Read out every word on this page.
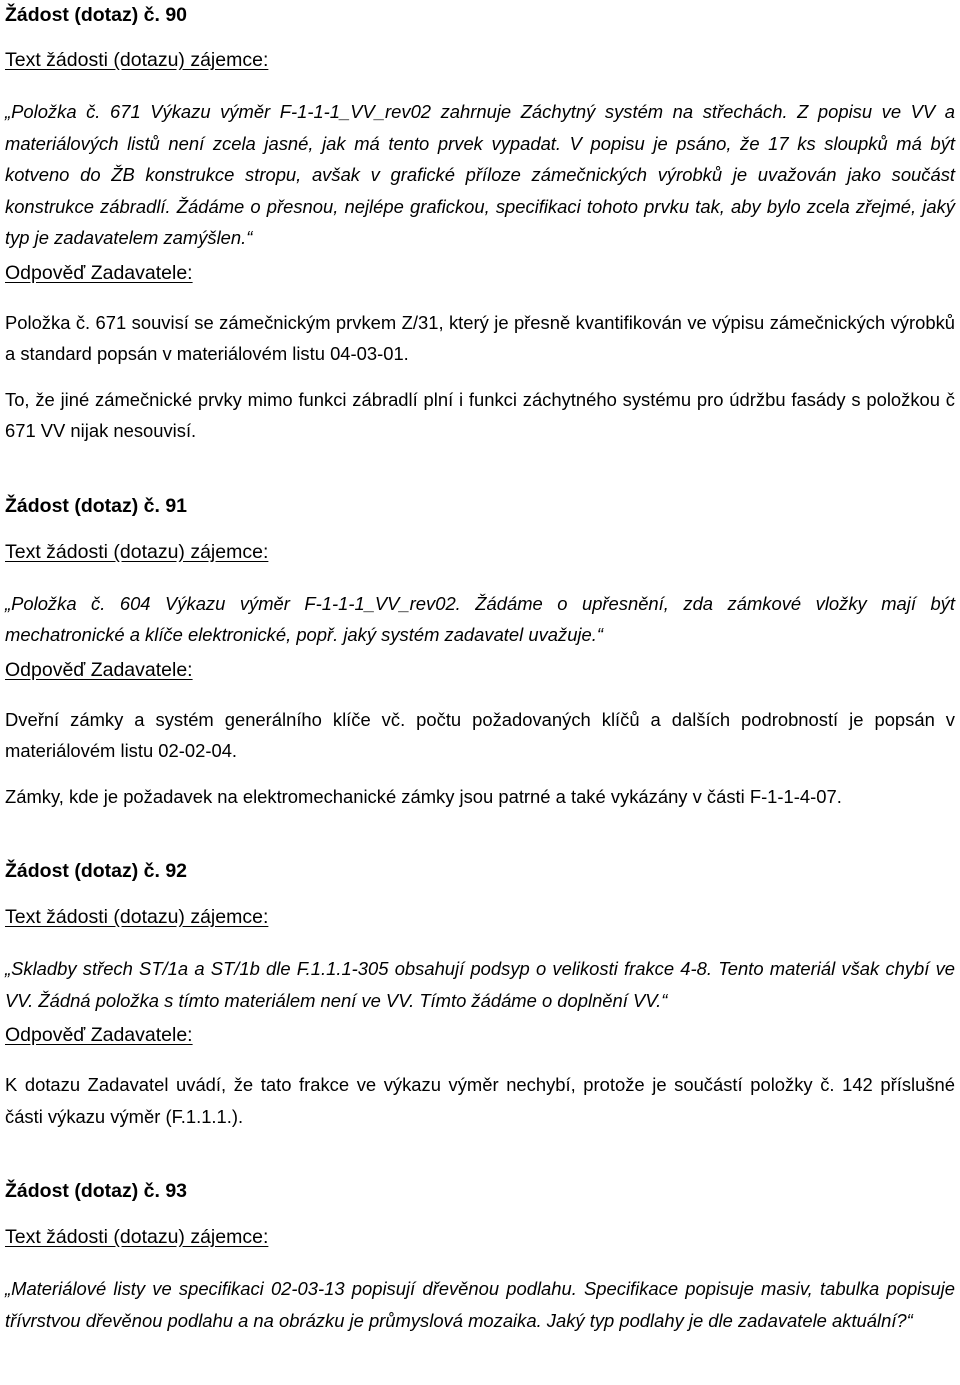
Žádost (dotaz) č. 90
Text žádosti (dotazu) zájemce:

„Položka č. 671 Výkazu výměr F-1-1-1_VV_rev02 zahrnuje Záchytný systém na střechách. Z popisu ve VV a materiálových listů není zcela jasné, jak má tento prvek vypadat. V popisu je psáno, že 17 ks sloupků má být kotveno do ŽB konstrukce stropu, avšak v grafické příloze zámečnických výrobků je uvažován jako součást konstrukce zábradlí. Žádáme o přesnou, nejlépe grafickou, specifikaci tohoto prvku tak, aby bylo zcela zřejmé, jaký typ je zadavatelem zamýšlen.“

Odpověď Zadavatele:

Položka č. 671 souvisí se zámečnickým prvkem Z/31, který je přesně kvantifikován ve výpisu zámečnických výrobků a standard popsán v materiálovém listu 04-03-01.

To, že jiné zámečnické prvky mimo funkci zábradlí plní i funkci záchytného systému pro údržbu fasády s položkou č 671 VV nijak nesouvisí.

Žádost (dotaz) č. 91
Text žádosti (dotazu) zájemce:

„Položka č. 604 Výkazu výměr F-1-1-1_VV_rev02. Žádáme o upřesnění, zda zámkové vložky mají být mechatronické a klíče elektronické, popř. jaký systém zadavatel uvažuje.“

Odpověď Zadavatele:

Dveřní zámky a systém generálního klíče vč. počtu požadovaných klíčů a dalších podrobností je popsán v materiálovém listu 02-02-04.

Zámky, kde je požadavek na elektromechanické zámky jsou patrné a také vykázány v části F-1-1-4-07.

Žádost (dotaz) č. 92
Text žádosti (dotazu) zájemce:

„Skladby střech ST/1a a ST/1b dle F.1.1.1-305 obsahují podsyp o velikosti frakce 4-8. Tento materiál však chybí ve VV. Žádná položka s tímto materiálem není ve VV. Tímto žádáme o doplnění VV.“

Odpověď Zadavatele:

K dotazu Zadavatel uvádí, že tato frakce ve výkazu výměr nechybí, protože je součástí položky č. 142 příslušné části výkazu výměr (F.1.1.1.).

Žádost (dotaz) č. 93
Text žádosti (dotazu) zájemce:

„Materiálové listy ve specifikaci 02-03-13 popisují dřevěnou podlahu. Specifikace popisuje masiv, tabulka popisuje třívrstvou dřevěnou podlahu a na obrázku je průmyslová mozaika. Jaký typ podlahy je dle zadavatele aktuální?“
